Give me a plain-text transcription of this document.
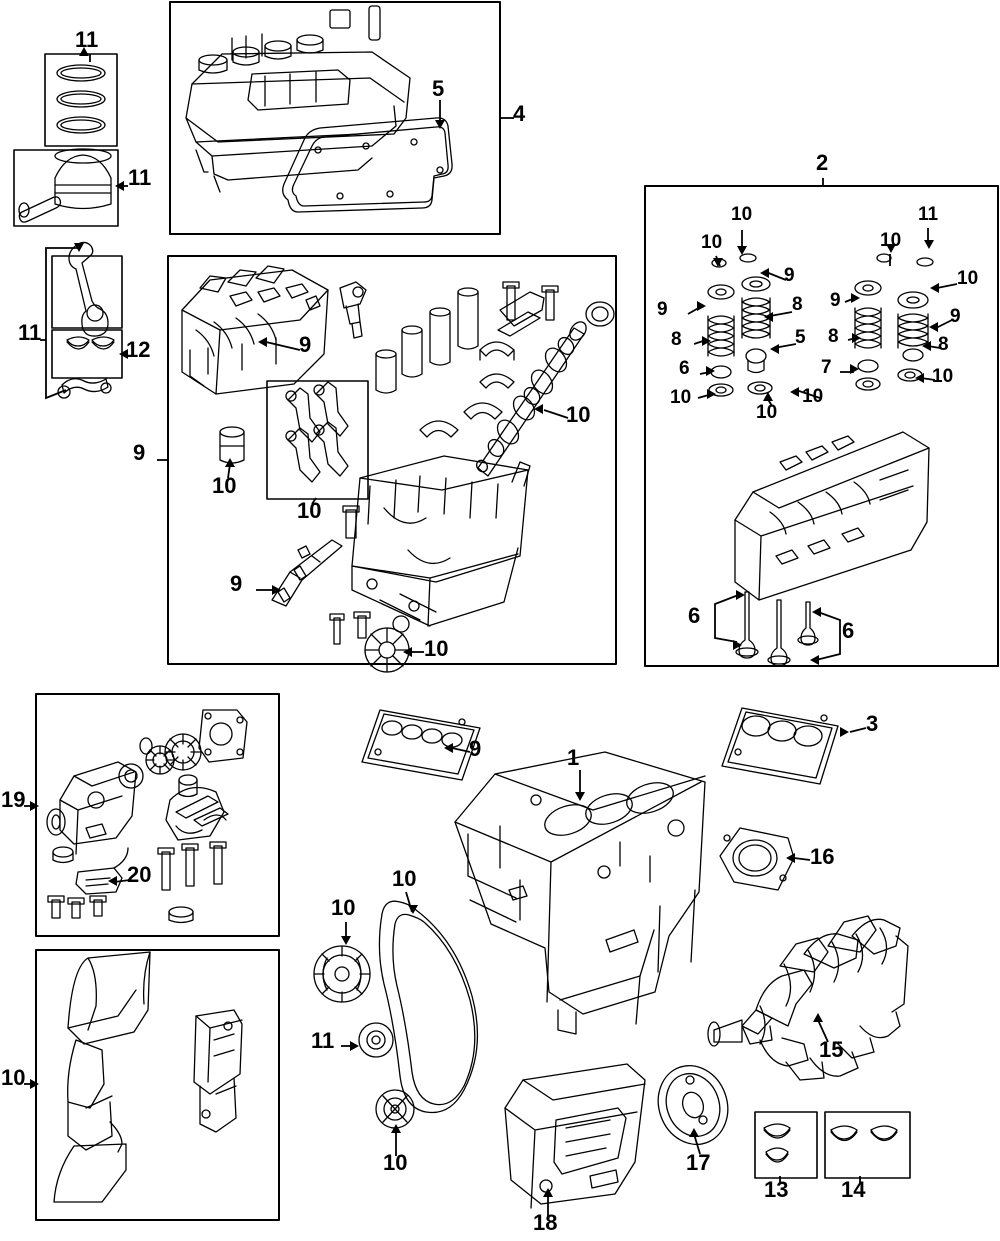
11
11
11
12
4
5
2
10
10	10
11
9
9	9
10
10
10
10
10
8
8	8
9
5
6	7
8
6
6
9
9
10
10
9
10
10
9
3
1
16
10
10
11
10
15
17
18
13 14
19
20
10
